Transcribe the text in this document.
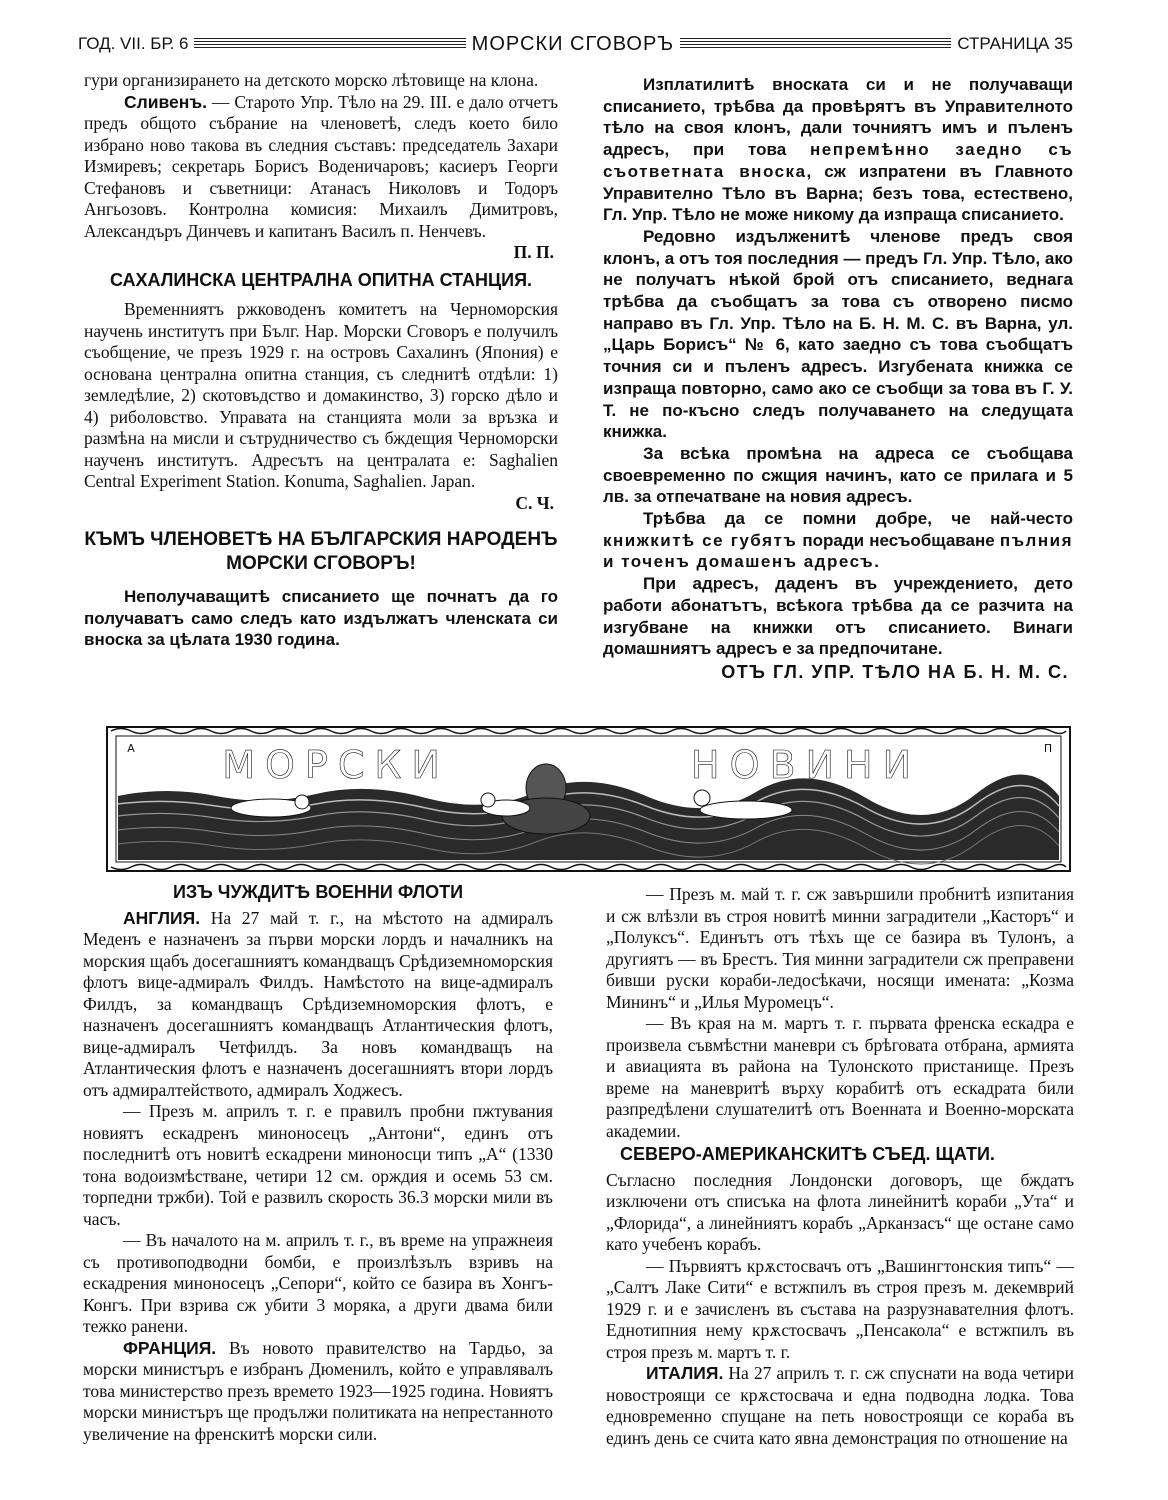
ГОД. VII. БР. 6	МОРСКИ СГОВОРЪ	СТРАНИЦА 35

гури организирането на детското морско лѣтовище на клона.

Сливенъ. — Старото Упр. Тѣло на 29. III. е дало отчетъ предъ общото събрание на членоветѣ, следъ което било избрано ново такова въ следния съставъ: председатель Захари Измиревъ; секретарь Борисъ Воденичаровъ; касиеръ Георги Стефановъ и съветници: Атанасъ Николовъ и Тодоръ Ангьозовъ. Контролна комисия: Михаилъ Димитровъ, Александъръ Динчевъ и капитанъ Василъ п. Ненчевъ.

П. П.

САХАЛИНСКА ЦЕНТРАЛНА ОПИТНА СТАНЦИЯ.

Временниятъ ржководенъ комитетъ на Черноморския научень институтъ при Бълг. Нар. Морски Сговоръ е получилъ съобщение, че презъ 1929 г. на островъ Сахалинъ (Япония) е основана централна опитна станция, съ следнитѣ отдѣли: 1) земледѣлие, 2) скотовъдство и домакинство, 3) горско дѣло и 4) риболовство. Управата на станцията моли за връзка и размѣна на мисли и сътрудничество съ бждещия Черноморски наученъ институтъ. Адресътъ на централата е: Saghalien Central Experiment Station. Konuma, Saghalien. Japan.

С. Ч.

КЪМЪ ЧЛЕНОВЕТѢ НА БЪЛГАРСКИЯ НАРОДЕНЪ МОРСКИ СГОВОРЪ!

Неполучаващитѣ списанието ще почнатъ да го получаватъ само следъ като издължатъ членската си вноска за цѣлата 1930 година.

Изплатилитѣ вноската си и не получаващи списанието, трѣбва да провѣрятъ въ Управителното тѣло на своя клонъ, дали точниятъ имъ и пъленъ адресъ, при това непремѣнно заедно съ съответната вноска, сж изпратени въ Главното Управително Тѣло въ Варна; безъ това, естествено, Гл. Упр. Тѣло не може никому да изпраща списанието.

Редовно издълженитѣ членове предъ своя клонъ, а отъ тоя последния — предъ Гл. Упр. Тѣло, ако не получатъ нѣкой брой отъ списанието, веднага трѣбва да съобщатъ за това съ отворено писмо направо въ Гл. Упр. Тѣло на Б. Н. М. С. въ Варна, ул. „Царь Борисъ“ № 6, като заедно съ това съобщатъ точния си и пъленъ адресъ. Изгубената книжка се изпраща повторно, само ако се съобщи за това въ Г. У. Т. не по-късно следъ получаването на следущата книжка.

За всѣка промѣна на адреса се съобщава своевременно по сжщия начинъ, като се прилага и 5 лв. за отпечатване на новия адресъ.

Трѣбва да се помни добре, че най-често книжкитѣ се губятъ поради несъобщаване пълния и точенъ домашенъ адресъ.

При адресъ, даденъ въ учреждението, дето работи абонатътъ, всѣкога трѣбва да се разчита на изгубване на книжки отъ списанието. Винаги домашниятъ адресъ е за предпочитане.

ОТЪ ГЛ. УПР. ТѢЛО НА Б. Н. М. С.

МОРСКИ	НОВИНИ
А	П

ИЗЪ ЧУЖДИТѢ ВОЕННИ ФЛОТИ

АНГЛИЯ. На 27 май т. г., на мѣстото на адмиралъ Меденъ е назначенъ за първи морски лордъ и началникъ на морския щабъ досегашниятъ командващъ Срѣдиземноморския флотъ вице-адмиралъ Филдъ. Намѣстото на вице-адмиралъ Филдъ, за командващъ Срѣдиземноморския флотъ, е назначенъ досегашниятъ командващъ Атлантическия флотъ, вице-адмиралъ Четфилдъ. За новъ командващъ на Атлантическия флотъ е назначенъ досегашниятъ втори лордъ отъ адмиралтейството, адмиралъ Ходжесъ.

— Презъ м. априлъ т. г. е правилъ пробни пжтувания новиятъ ескадренъ миноносецъ „Антони“, единъ отъ последнитѣ отъ новитѣ ескадрени миноносци типъ „А“ (1330 тона водоизмѣстване, четири 12 см. орждия и осемь 53 см. торпедни тржби). Той е развилъ скорость 36.3 морски мили въ часъ.

— Въ началото на м. априлъ т. г., въ време на упражнеия съ противоподводни бомби, е произлѣзълъ взривъ на ескадрения миноносецъ „Сепори“, който се базира въ Хонгъ-Конгъ. При взрива сж убити 3 моряка, а други двама били тежко ранени.

ФРАНЦИЯ. Въ новото правителство на Тардьо, за морски министъръ е избранъ Дюменилъ, който е управлявалъ това министерство презъ времето 1923—1925 година. Новиятъ морски министъръ ще продължи политиката на непрестанното увеличение на френскитѣ морски сили.

— Презъ м. май т. г. сж завършили пробнитѣ изпитания и сж влѣзли въ строя новитѣ минни заградители „Касторъ“ и „Полуксъ“. Единътъ отъ тѣхъ ще се базира въ Тулонъ, а другиятъ — въ Брестъ. Тия минни заградители сж преправени бивши руски кораби-ледосѣкачи, носящи имената: „Козма Мининъ“ и „Илья Муромецъ“.

— Въ края на м. мартъ т. г. първата френска ескадра е произвела съвмѣстни маневри съ брѣговата отбрана, армията и авиацията въ района на Тулонското пристанище. Презъ време на маневритѣ върху корабитѣ отъ ескадрата били разпредѣлени слушателитѣ отъ Военната и Военно-морската академии.

СЕВЕРО-АМЕРИКАНСКИТѢ СЪЕД. ЩАТИ.

Съгласно последния Лондонски договоръ, ще бждатъ изключени отъ списъка на флота линейнитѣ кораби „Ута“ и „Флорида“, а линейниятъ корабъ „Арканзасъ“ ще остане само като учебенъ корабъ.

— Първиятъ крѫстосвачъ отъ „Вашингтонския типъ“ — „Салтъ Лаке Сити“ е встжпилъ въ строя презъ м. декемврий 1929 г. и е зачисленъ въ състава на разрузнавателния флотъ. Еднотипния нему крѫстосвачъ „Пенсакола“ е встжпилъ въ строя презъ м. мартъ т. г.

ИТАЛИЯ. На 27 априлъ т. г. сж спуснати на вода четири новостроящи се крѫстосвача и една подводна лодка. Това едновременно спущане на петь новостроящи се кораба въ единъ день се счита като явна демонстрация по отношение на
